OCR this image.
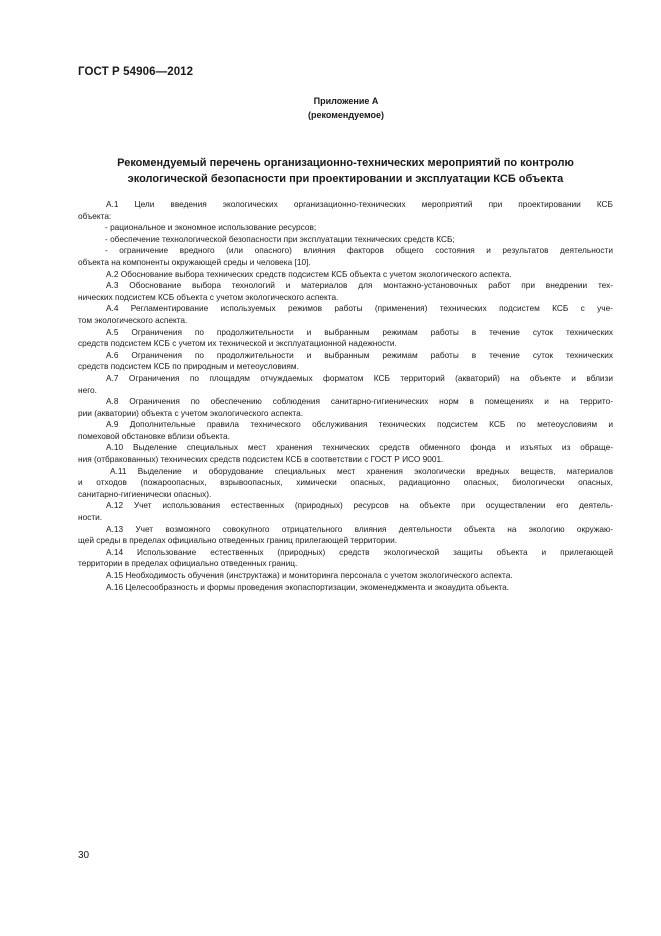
ГОСТ Р 54906—2012
Приложение А
(рекомендуемое)
Рекомендуемый перечень организационно-технических мероприятий по контролю
экологической безопасности при проектировании и эксплуатации КСБ объекта
А.1 Цели введения экологических организационно-технических мероприятий при проектировании КСБ
объекта:
- рациональное и экономное использование ресурсов;
- обеспечение технологической безопасности при эксплуатации технических средств КСБ;
- ограничение вредного (или опасного) влияния факторов общего состояния и результатов деятельности
объекта на компоненты окружающей среды и человека [10].
А.2 Обоснование выбора технических средств подсистем КСБ объекта с учетом экологического аспекта.
А.3 Обоснование выбора технологий и материалов для монтажно-установочных работ при внедрении тех-
нических подсистем КСБ объекта с учетом экологического аспекта.
А.4 Регламентирование используемых режимов работы (применения) технических подсистем КСБ с уче-
том экологического аспекта.
А.5 Ограничения по продолжительности и выбранным режимам работы в течение суток технических
средств подсистем КСБ с учетом их технической и эксплуатационной надежности.
А.6 Ограничения по продолжительности и выбранным режимам работы в течение суток технических
средств подсистем КСБ по природным и метеоусловиям.
А.7 Ограничения по площадям отчуждаемых форматом КСБ территорий (акваторий) на объекте и вблизи
него.
А.8 Ограничения по обеспечению соблюдения санитарно-гигиенических норм в помещениях и на террито-
рии (акватории) объекта с учетом экологического аспекта.
А.9 Дополнительные правила технического обслуживания технических подсистем КСБ по метеоусловиям и
помеховой обстановке вблизи объекта.
А.10 Выделение специальных мест хранения технических средств обменного фонда и изъятых из обраще-
ния (отбракованных) технических средств подсистем КСБ в соответствии с ГОСТ Р ИСО 9001.
А.11 Выделение и оборудование специальных мест хранения экологически вредных веществ, материалов
и отходов (пожароопасных, взрывоопасных, химически опасных, радиационно опасных, биологически опасных,
санитарно-гигиенически опасных).
А.12 Учет использования естественных (природных) ресурсов на объекте при осуществлении его деятель-
ности.
А.13 Учет возможного совокупного отрицательного влияния деятельности объекта на экологию окружаю-
щей среды в пределах официально отведенных границ прилегающей территории.
А.14 Использование естественных (природных) средств экологической защиты объекта и прилегающей
территории в пределах официально отведенных границ.
А.15 Необходимость обучения (инструктажа) и мониторинга персонала с учетом экологического аспекта.
А.16 Целесообразность и формы проведения экопаспортизации, экоменеджмента и экоаудита объекта.
30
